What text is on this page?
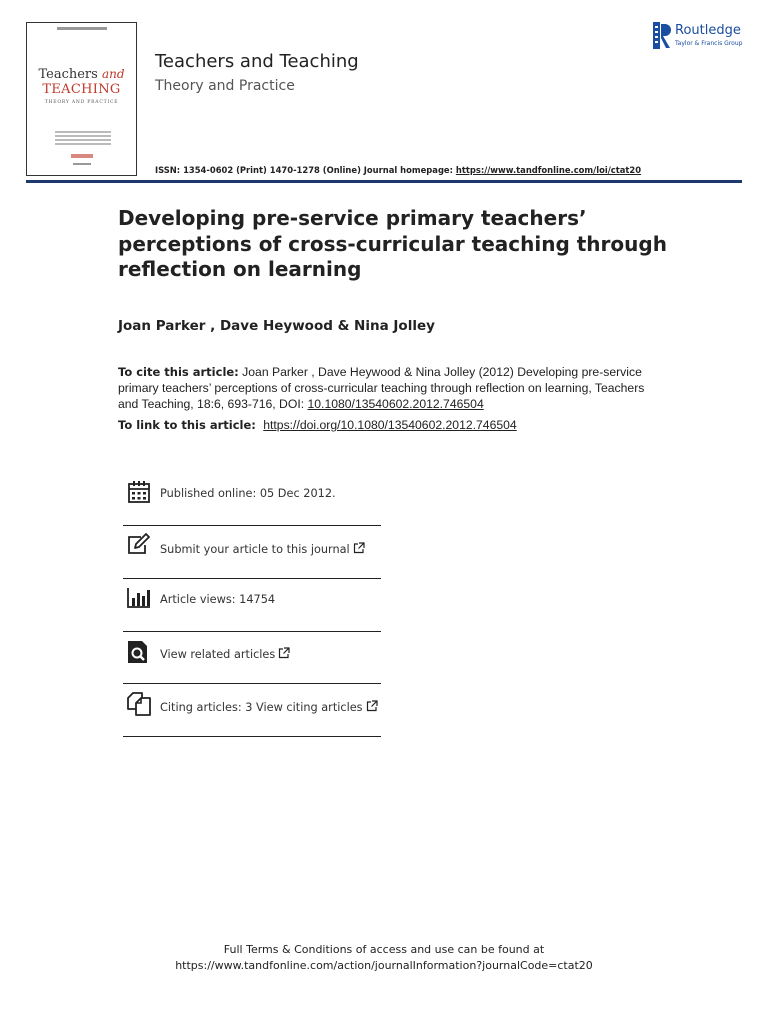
Teachers and
TEACHING
THEORY AND PRACTICE
Teachers and Teaching
Theory and Practice
ISSN: 1354-0602 (Print) 1470-1278 (Online) Journal homepage: https://www.tandfonline.com/loi/ctat20
Routledge
Taylor & Francis Group
Developing pre-service primary teachers’ perceptions of cross-curricular teaching through reflection on learning
Joan Parker , Dave Heywood & Nina Jolley
To cite this article: Joan Parker , Dave Heywood & Nina Jolley (2012) Developing pre-service primary teachers’ perceptions of cross-curricular teaching through reflection on learning, Teachers and Teaching, 18:6, 693-716, DOI: 10.1080/13540602.2012.746504
To link to this article: https://doi.org/10.1080/13540602.2012.746504
Published online: 05 Dec 2012.
Submit your article to this journal
Article views: 14754
View related articles
Citing articles: 3 View citing articles
Full Terms & Conditions of access and use can be found at
https://www.tandfonline.com/action/journalInformation?journalCode=ctat20
